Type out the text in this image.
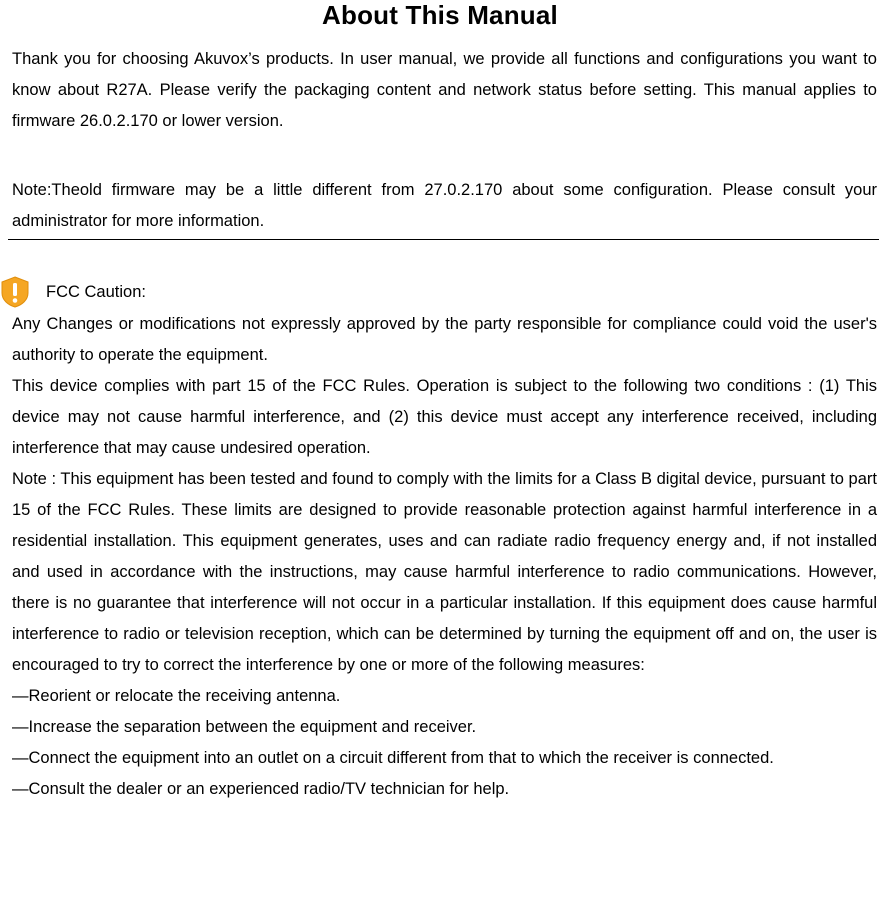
About This Manual

Thank you for choosing Akuvox’s products. In user manual, we provide all functions and configurations you want to know about R27A. Please verify the packaging content and network status before setting. This manual applies to firmware 26.0.2.170 or lower version.

Note:Theold firmware may be a little different from 27.0.2.170 about some configuration. Please consult your administrator for more information.

FCC Caution:

Any Changes or modifications not expressly approved by the party responsible for compliance could void the user's authority to operate the equipment.

This device complies with part 15 of the FCC Rules. Operation is subject to the following two conditions : (1) This device may not cause harmful interference, and (2) this device must accept any interference received, including interference that may cause undesired operation.

Note : This equipment has been tested and found to comply with the limits for a Class B digital device, pursuant to part 15 of the FCC Rules. These limits are designed to provide reasonable protection against harmful interference in a residential installation. This equipment generates, uses and can radiate radio frequency energy and, if not installed and used in accordance with the instructions, may cause harmful interference to radio communications. However, there is no guarantee that interference will not occur in a particular installation. If this equipment does cause harmful interference to radio or television reception, which can be determined by turning the equipment off and on, the user is encouraged to try to correct the interference by one or more of the following measures:

—Reorient or relocate the receiving antenna.

—Increase the separation between the equipment and receiver.

—Connect the equipment into an outlet on a circuit different from that to which the receiver is connected.

—Consult the dealer or an experienced radio/TV technician for help.
